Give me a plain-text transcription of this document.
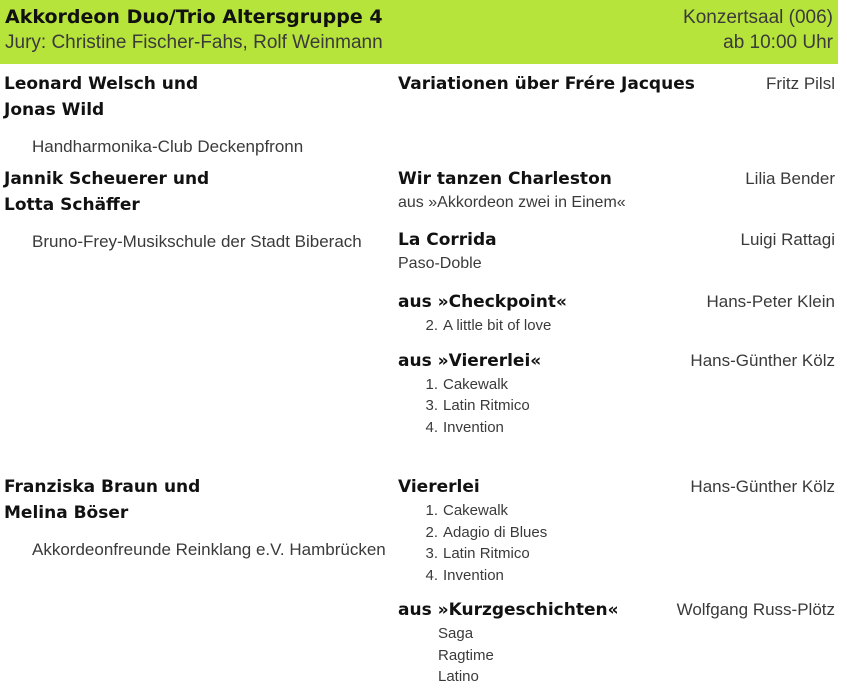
Akkordeon Duo/Trio Altersgruppe 4	Konzertsaal (006)
Jury: Christine Fischer-Fahs, Rolf Weinmann	ab 10:00 Uhr
Leonard Welsch und
Jonas Wild
Handharmonika-Club Deckenpfronn
Variationen über Frére Jacques	Fritz Pilsl
Jannik Scheuerer und
Lotta Schäffer
Bruno-Frey-Musikschule der Stadt Biberach
Wir tanzen Charleston	Lilia Bender
aus »Akkordeon zwei in Einem«
La Corrida	Luigi Rattagi
Paso-Doble
aus »Checkpoint«	Hans-Peter Klein
2. A little bit of love
aus »Viererlei«	Hans-Günther Kölz
1. Cakewalk
3. Latin Ritmico
4. Invention
Franziska Braun und
Melina Böser
Akkordeonfreunde Reinklang e.V. Hambrücken
Viererlei	Hans-Günther Kölz
1. Cakewalk
2. Adagio di Blues
3. Latin Ritmico
4. Invention
aus »Kurzgeschichten«	Wolfgang Russ-Plötz
Saga
Ragtime
Latino
